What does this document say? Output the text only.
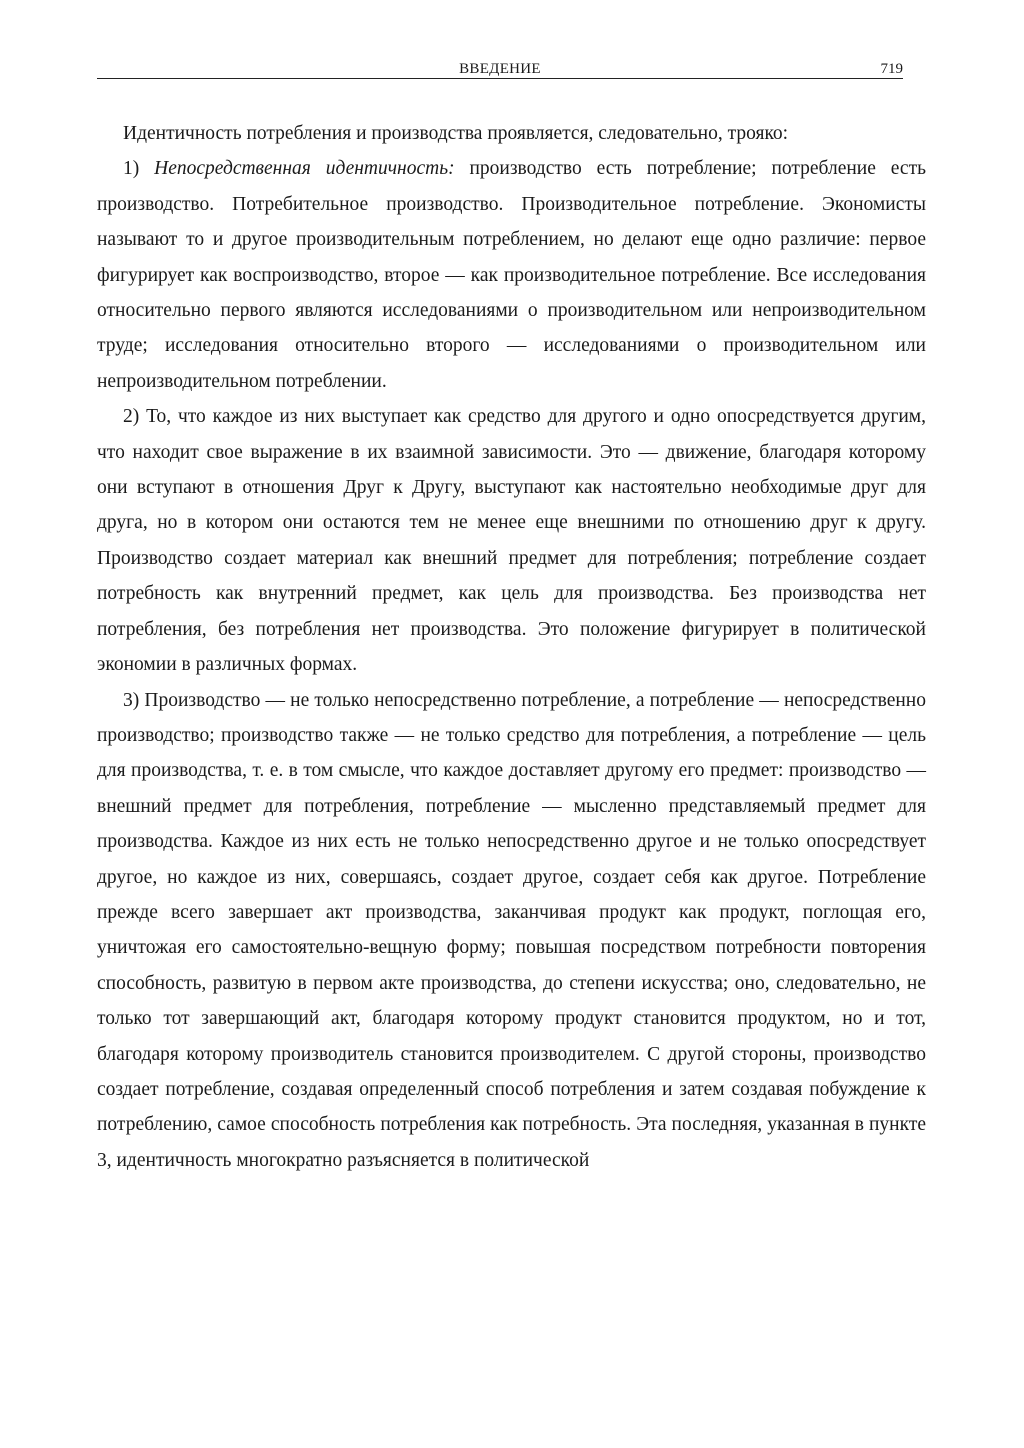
ВВЕДЕНИЕ	719

Идентичность потребления и производства проявляется, следовательно, трояко:

1) Непосредственная идентичность: производство есть потребление; потребление есть производство. Потребительное производство. Производительное потребление. Экономисты называют то и другое производительным потреблением, но делают еще одно различие: первое фигурирует как воспроизводство, второе — как производительное потребление. Все исследования относительно первого являются исследованиями о производительном или непроизводительном труде; исследования относительно второго — исследованиями о производительном или непроизводительном потреблении.

2) То, что каждое из них выступает как средство для другого и одно опосредствуется другим, что находит свое выражение в их взаимной зависимости. Это — движение, благодаря которому они вступают в отношения Друг к Другу, выступают как настоятельно необходимые друг для друга, но в котором они остаются тем не менее еще внешними по отношению друг к другу. Производство создает материал как внешний предмет для потребления; потребление создает потребность как внутренний предмет, как цель для производства. Без производства нет потребления, без потребления нет производства. Это положение фигурирует в политической экономии в различных формах.

3) Производство — не только непосредственно потребление, а потребление — непосредственно производство; производство также — не только средство для потребления, а потребление — цель для производства, т. е. в том смысле, что каждое доставляет другому его предмет: производство — внешний предмет для потребления, потребление — мысленно представляемый предмет для производства. Каждое из них есть не только непосредственно другое и не только опосредствует другое, но каждое из них, совершаясь, создает другое, создает себя как другое. Потребление прежде всего завершает акт производства, заканчивая продукт как продукт, поглощая его, уничтожая его самостоятельно-вещную форму; повышая посредством потребности повторения способность, развитую в первом акте производства, до степени искусства; оно, следовательно, не только тот завершающий акт, благодаря которому продукт становится продуктом, но и тот, благодаря которому производитель становится производителем. С другой стороны, производство создает потребление, создавая определенный способ потребления и затем создавая побуждение к потреблению, самое способность потребления как потребность. Эта последняя, указанная в пункте 3, идентичность многократно разъясняется в политической
